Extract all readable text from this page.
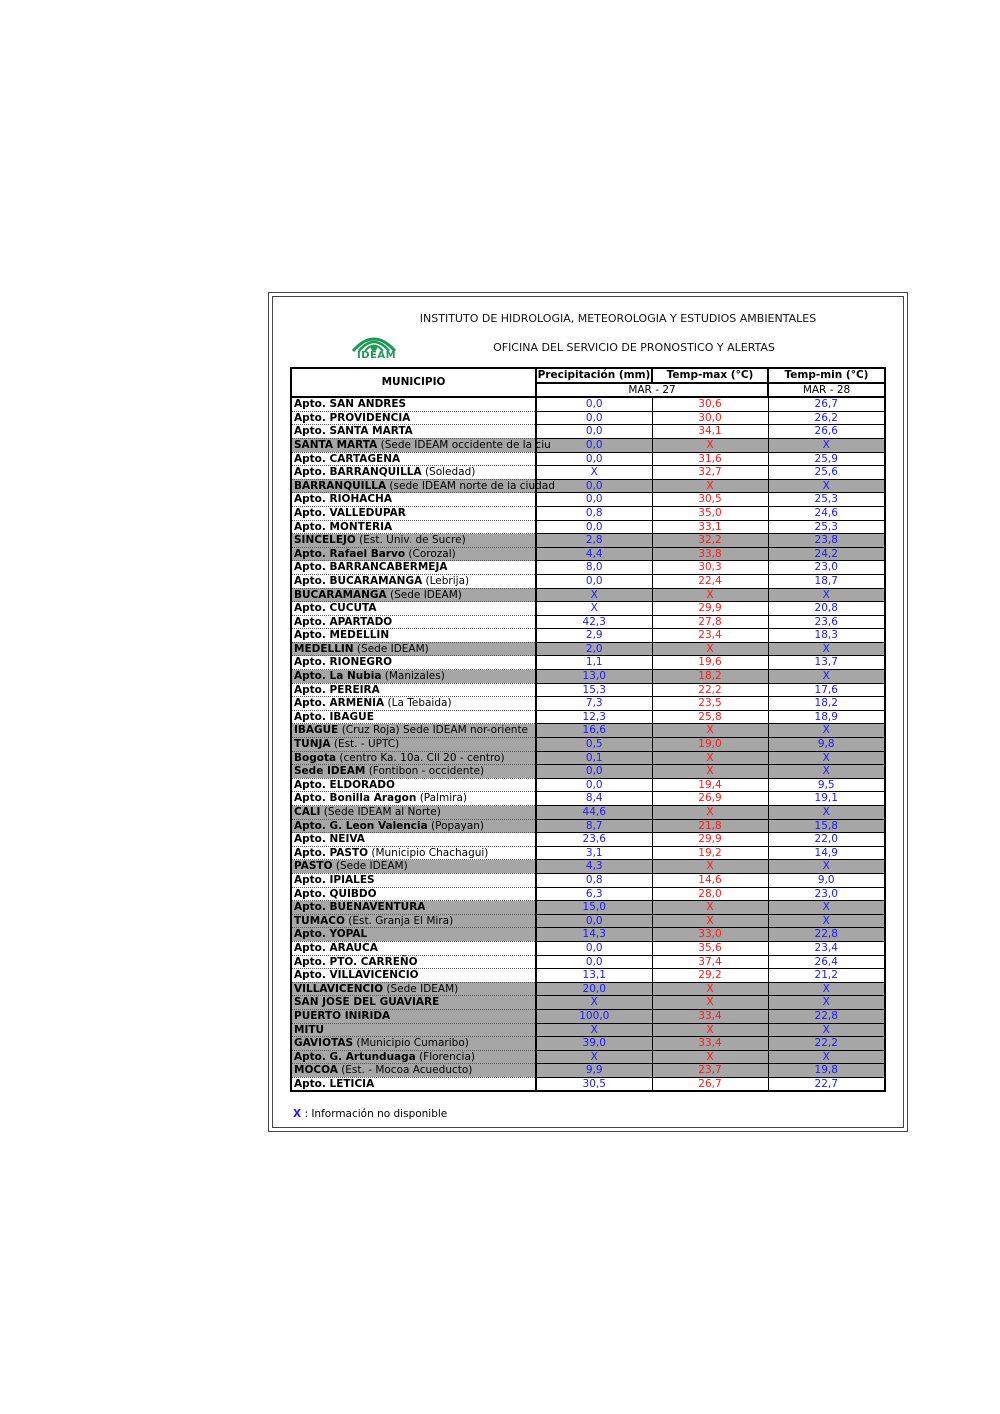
INSTITUTO DE HIDROLOGIA, METEOROLOGIA Y ESTUDIOS AMBIENTALES
OFICINA DEL SERVICIO DE PRONOSTICO Y ALERTAS
IDEAM
MUNICIPIO	Precipitación (mm)	Temp-max (°C)	Temp-min (°C)
	MAR - 27		MAR - 28
Apto. SAN ANDRES	0,0	30,6	26,7
Apto. PROVIDENCIA	0,0	30,0	26,2
Apto. SANTA MARTA	0,0	34,1	26,6
SANTA MARTA (Sede IDEAM occidente de la ciu	0,0	X	X
Apto. CARTAGENA	0,0	31,6	25,9
Apto. BARRANQUILLA (Soledad)	X	32,7	25,6
BARRANQUILLA (sede IDEAM norte de la ciudad	0,0	X	X
Apto. RIOHACHA	0,0	30,5	25,3
Apto. VALLEDUPAR	0,8	35,0	24,6
Apto. MONTERIA	0,0	33,1	25,3
SINCELEJO (Est. Univ. de Sucre)	2,8	32,2	23,8
Apto. Rafael Barvo (Corozal)	4,4	33,8	24,2
Apto. BARRANCABERMEJA	8,0	30,3	23,0
Apto. BUCARAMANGA (Lebrija)	0,0	22,4	18,7
BUCARAMANGA (Sede IDEAM)	X	X	X
Apto. CUCUTA	X	29,9	20,8
Apto. APARTADO	42,3	27,8	23,6
Apto. MEDELLIN	2,9	23,4	18,3
MEDELLIN (Sede IDEAM)	2,0	X	X
Apto. RIONEGRO	1,1	19,6	13,7
Apto. La Nubia (Manizales)	13,0	18,2	X
Apto. PEREIRA	15,3	22,2	17,6
Apto. ARMENIA (La Tebaida)	7,3	23,5	18,2
Apto. IBAGUE	12,3	25,8	18,9
IBAGUE (Cruz Roja) Sede IDEAM nor-oriente	16,6	X	X
TUNJA (Est. - UPTC)	0,5	19,0	9,8
Bogota (centro Ka. 10a. Cll 20 - centro)	0,1	X	X
Sede IDEAM (Fontibon - occidente)	0,0	X	X
Apto. ELDORADO	0,0	19,4	9,5
Apto. Bonilla Aragon (Palmira)	8,4	26,9	19,1
CALI (Sede IDEAM al Norte)	44,6	X	X
Apto. G. Leon Valencia (Popayan)	8,7	21,8	15,8
Apto. NEIVA	23,6	29,9	22,0
Apto. PASTO (Municipio Chachagui)	3,1	19,2	14,9
PASTO (Sede IDEAM)	4,3	X	X
Apto. IPIALES	0,8	14,6	9,0
Apto. QUIBDO	6,3	28,0	23,0
Apto. BUENAVENTURA	15,0	X	X
TUMACO (Est. Granja El Mira)	0,0	X	X
Apto. YOPAL	14,3	33,0	22,8
Apto. ARAUCA	0,0	35,6	23,4
Apto. PTO. CARREÑO	0,0	37,4	26,4
Apto. VILLAVICENCIO	13,1	29,2	21,2
VILLAVICENCIO (Sede IDEAM)	20,0	X	X
SAN JOSE DEL GUAVIARE	X	X	X
PUERTO INIRIDA	100,0	33,4	22,8
MITU	X	X	X
GAVIOTAS (Municipio Cumaribo)	39,0	33,4	22,2
Apto. G. Artunduaga (Florencia)	X	X	X
MOCOA (Est. - Mocoa Acueducto)	9,9	23,7	19,8
Apto. LETICIA	30,5	26,7	22,7
X : Información no disponible
